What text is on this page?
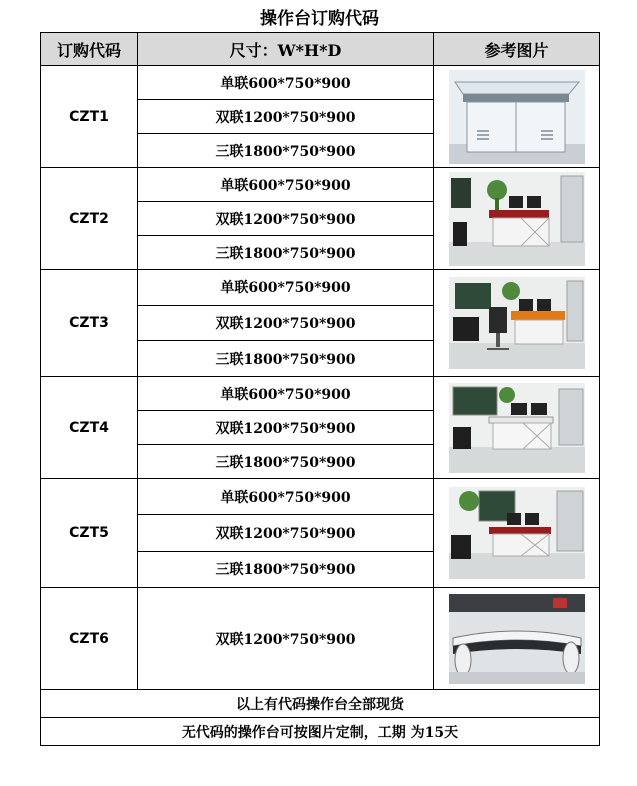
操作台订购代码
订购代码	尺寸：W*H*D	参考图片
CZT1	单联600*750*900	

	双联1200*750*900	
	三联1800*750*900	
CZT2	单联600*750*900	

	双联1200*750*900	
	三联1800*750*900	
CZT3	单联600*750*900	

	双联1200*750*900	
	三联1800*750*900	
CZT4	单联600*750*900	

	双联1200*750*900	
	三联1800*750*900	
CZT5	单联600*750*900	

	双联1200*750*900	
	三联1800*750*900	
CZT6	双联1200*750*900	

以上有代码操作台全部现货		
无代码的操作台可按图片定制，工期 为15天		
